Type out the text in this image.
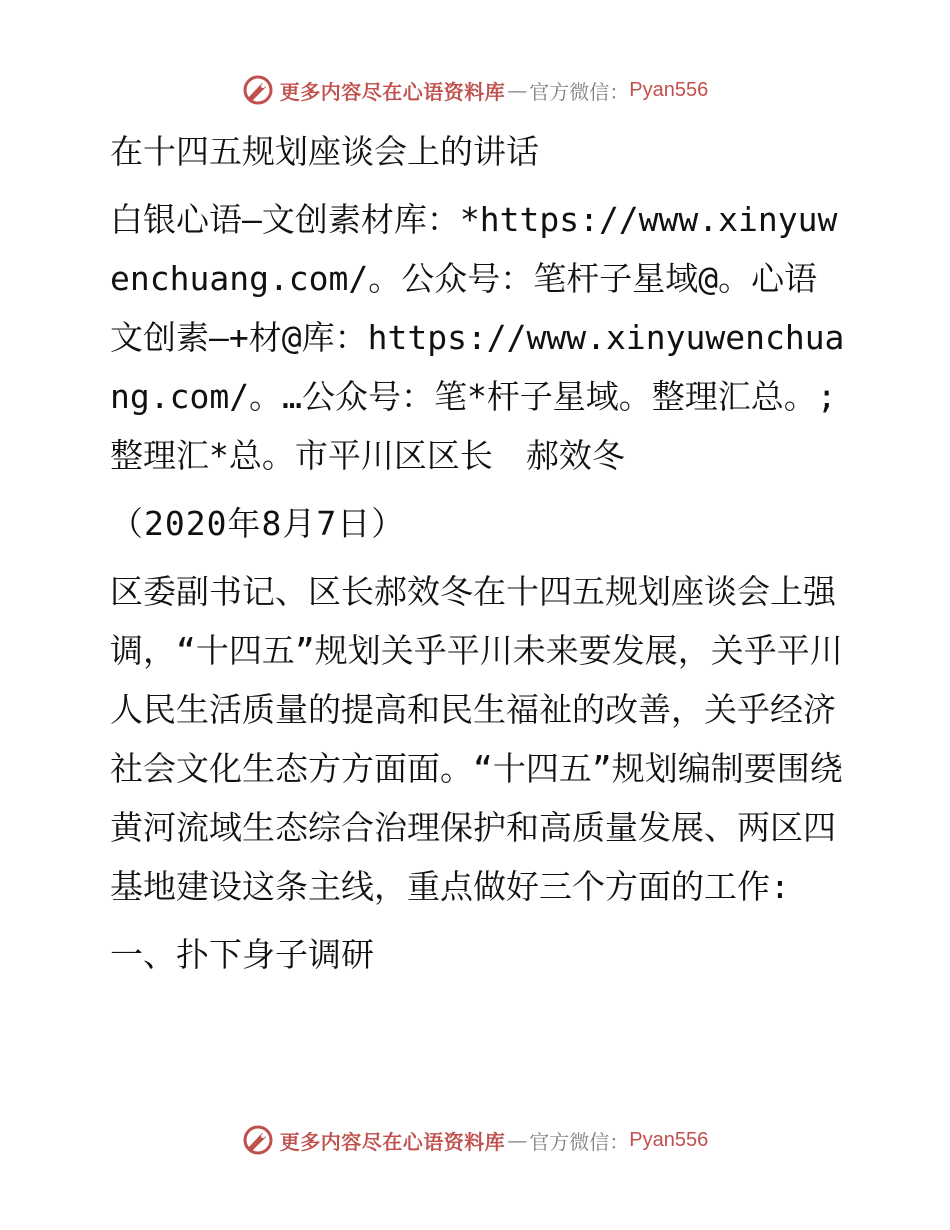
更多内容尽在心语资料库 — 官方微信： Pyan556

在十四五规划座谈会上的讲话

白银心语—文创素材库：*https://www.xinyuwenchuang.com/。公众号：笔杆子星域@。心语文创素—+材@库：https://www.xinyuwenchuang.com/。…公众号：笔*杆子星域。整理汇总。;整理汇*总。市平川区区长　郝效冬

（2020年8月7日）

区委副书记、区长郝效冬在十四五规划座谈会上强调，“十四五”规划关乎平川未来要发展，关乎平川人民生活质量的提高和民生福祉的改善，关乎经济社会文化生态方方面面。“十四五”规划编制要围绕黄河流域生态综合治理保护和高质量发展、两区四基地建设这条主线，重点做好三个方面的工作:

一、扑下身子调研

更多内容尽在心语资料库 — 官方微信： Pyan556
